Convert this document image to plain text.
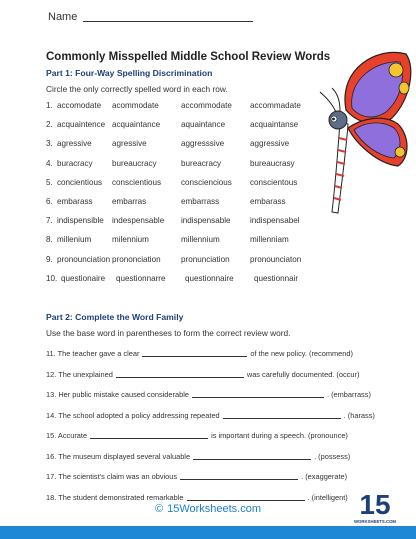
Name
Commonly Misspelled Middle School Review Words
Part 1: Four-Way Spelling Discrimination
Circle the only correctly spelled word in each row.
1. accomodate acommodate	accommodate accommadate
2. acquaintence acquaintance	aquaintance	acquaintanse
3. agressive	agressive	aggresssive	aggressive
4. buracracy bureaucracy	bureacracy	bureaucrasy
5. concientious conscientious consciencious conscientous
6. embarass embarras	embarrass	embarass
7. indispensible indespensable indispensable indispensabel
8. millenium	milennium	millennium	millenniam
9. pronounciation prononciation	pronunciation	pronounciaton
10. questionaire questionnarre questionnaire	questionnair
Part 2: Complete the Word Family
Use the base word in parentheses to form the correct review word.
11. The teacher gave a clear	of the new policy. (recommend)
12. The unexplained	was carefully documented. (occur)
13. Her public mistake caused considerable	. (embarrass)
14. The school adopted a policy addressing repeated	. (harass)
15. Accurate	is important during a speech. (pronounce)
16. The museum displayed several valuable	. (possess)
17. The scientist's claim was an obvious	. (exaggerate)
18. The student demonstrated remarkable	. (intelligent)
© 15Worksheets.com	15
WORKSHEETS.COM
